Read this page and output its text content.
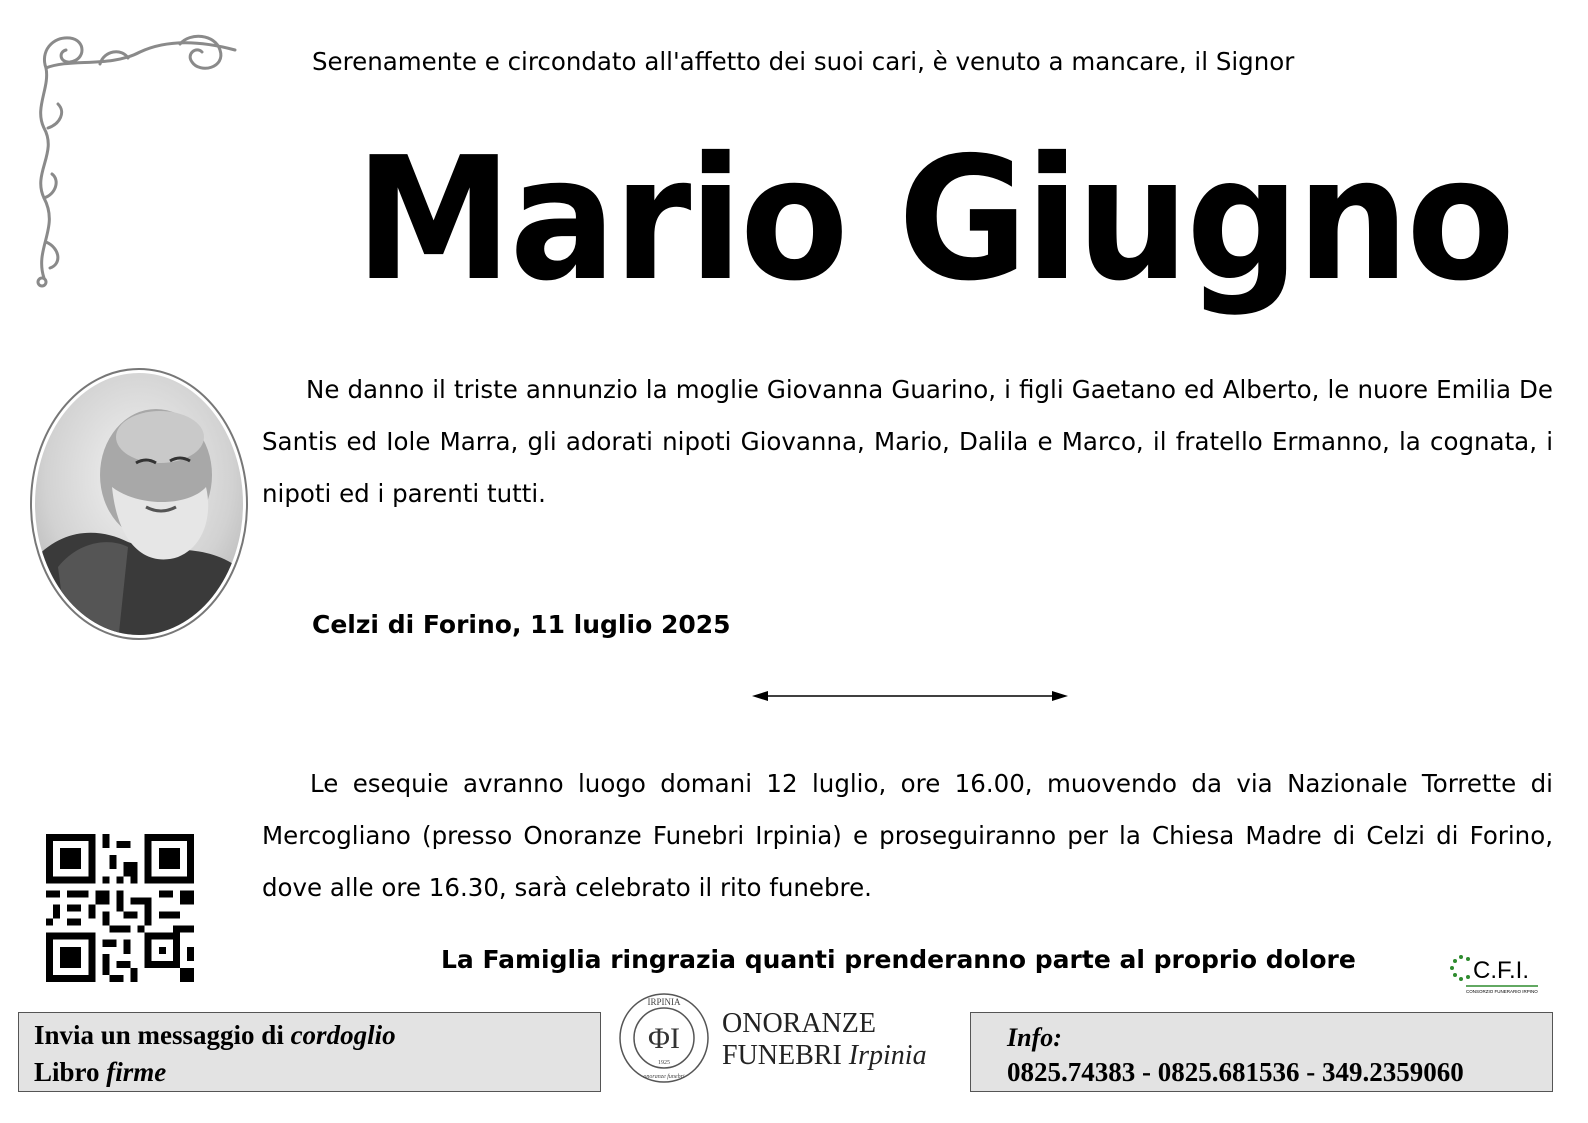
Serenamente e circondato all'affetto dei suoi cari, è venuto a mancare, il Signor
Mario Giugno
Ne danno il triste annunzio la moglie Giovanna Guarino, i figli Gaetano ed Alberto, le nuore Emilia De Santis ed Iole Marra, gli adorati nipoti Giovanna, Mario, Dalila e Marco, il fratello Ermanno, la cognata, i nipoti ed i parenti tutti.
Celzi di Forino, 11 luglio 2025
Le esequie avranno luogo domani 12 luglio, ore 16.00, muovendo da via Nazionale Torrette di Mercogliano (presso Onoranze Funebri Irpinia) e proseguiranno per la Chiesa Madre di Celzi di Forino, dove alle ore 16.30, sarà celebrato il rito funebre.
La Famiglia ringrazia quanti prenderanno parte al proprio dolore	C.F.I.
CONSORZIO FUNERARIO IRPINO
Invia un messaggio di cordoglio
Libro firme
IRPINIA
ΦΙ
1925
onoranze funebri
ONORANZE
FUNEBRI Irpinia
Info:
0825.74383 - 0825.681536 - 349.2359060
